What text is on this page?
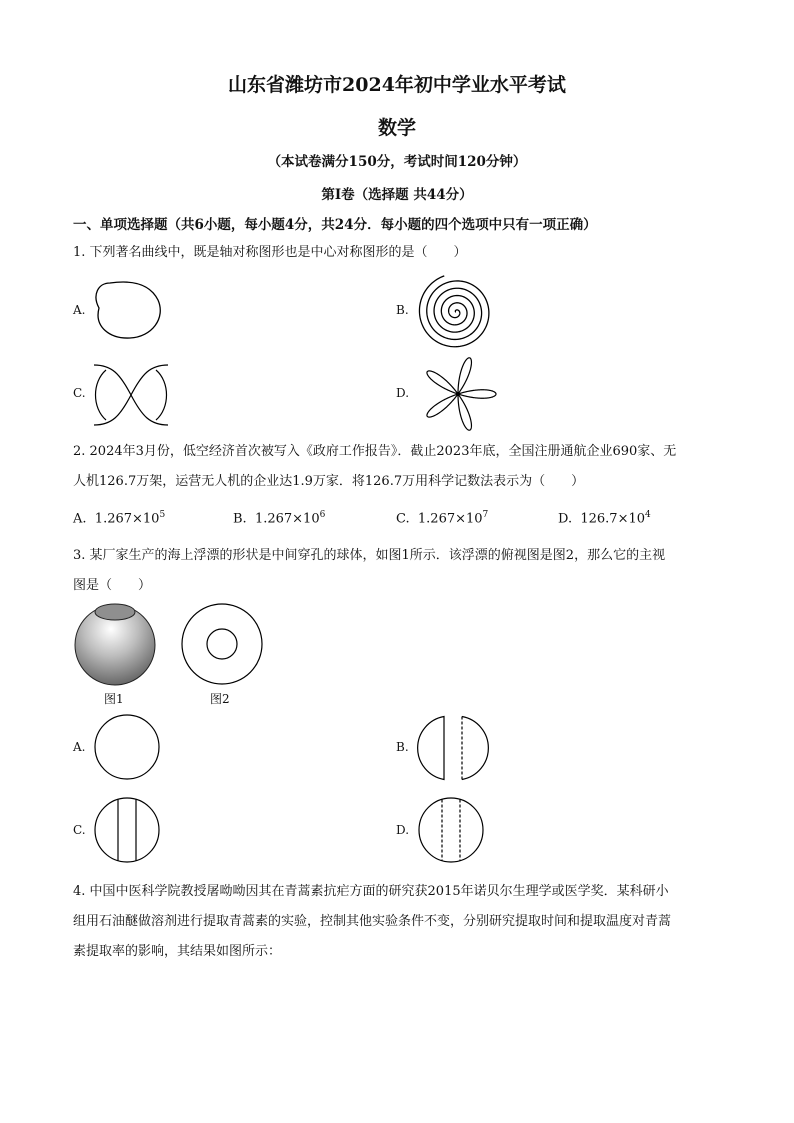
山东省潍坊市2024年初中学业水平考试
数学
（本试卷满分150分，考试时间120分钟）
第Ⅰ卷（选择题 共44分）
一、单项选择题（共6小题，每小题4分，共24分．每小题的四个选项中只有一项正确）
1. 下列著名曲线中，既是轴对称图形也是中心对称图形的是（　　）
A.	B.
C.	D.
2. 2024年3月份，低空经济首次被写入《政府工作报告》．截止2023年底，全国注册通航企业690家、无
人机126.7万架，运营无人机的企业达1.9万家．将126.7万用科学记数法表示为（　　）
A. $1.267\times 10^5$	B. $1.267\times 10^6$	C. $1.267\times 10^7$	D. $126.7\times 10^4$
3. 某厂家生产的海上浮漂的形状是中间穿孔的球体，如图1所示．该浮漂的俯视图是图2，那么它的主视
图是（　　）
图1	图2
A.	B.
C.	D.
4. 中国中医科学院教授屠呦呦因其在青蒿素抗疟方面的研究获2015年诺贝尔生理学或医学奖．某科研小
组用石油醚做溶剂进行提取青蒿素的实验，控制其他实验条件不变，分别研究提取时间和提取温度对青蒿
素提取率的影响，其结果如图所示：
